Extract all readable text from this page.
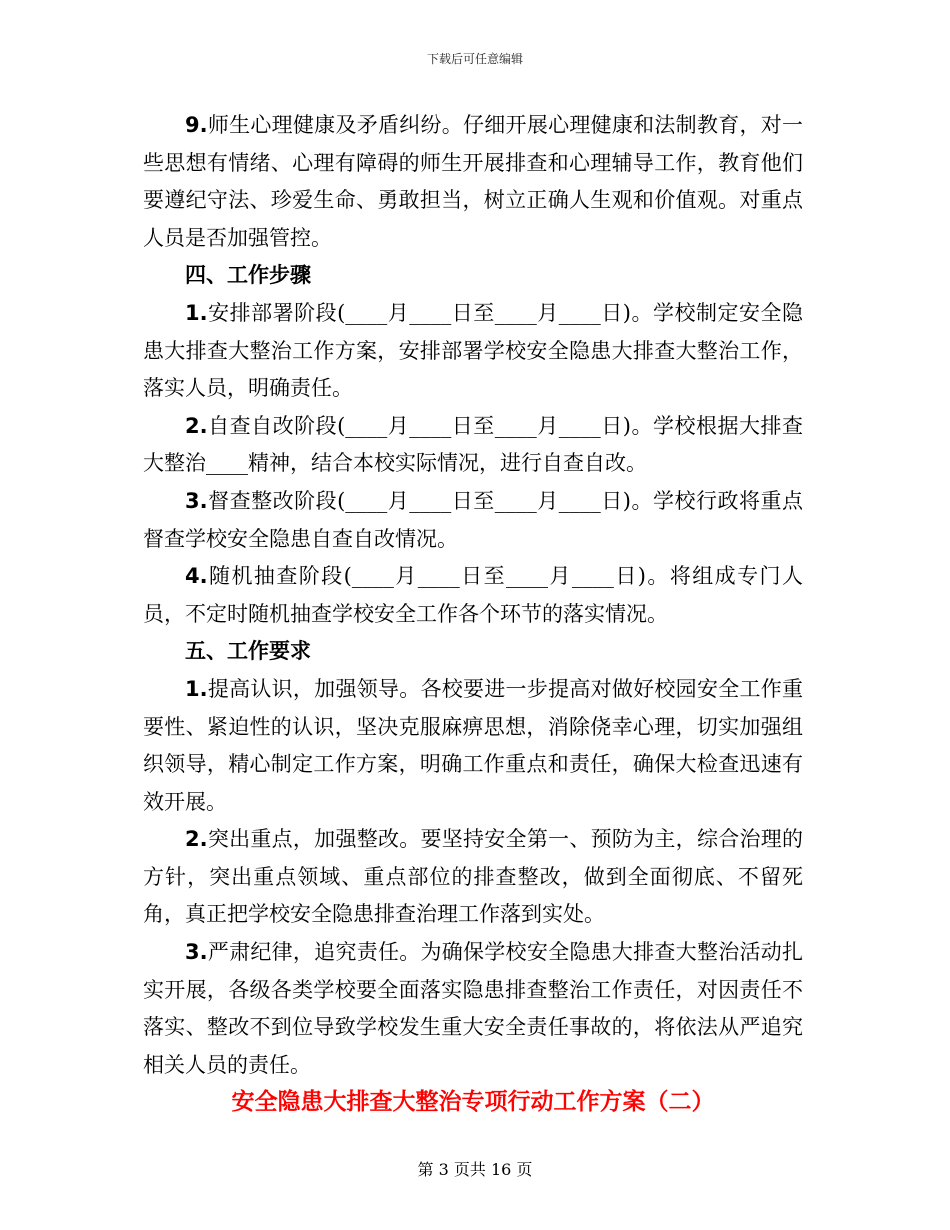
下载后可任意编辑

9.师生心理健康及矛盾纠纷。仔细开展心理健康和法制教育，对一些思想有情绪、心理有障碍的师生开展排查和心理辅导工作，教育他们要遵纪守法、珍爱生命、勇敢担当，树立正确人生观和价值观。对重点人员是否加强管控。

四、工作步骤

1.安排部署阶段(____月____日至____月____日)。学校制定安全隐患大排查大整治工作方案，安排部署学校安全隐患大排查大整治工作，落实人员，明确责任。

2.自查自改阶段(____月____日至____月____日)。学校根据大排查大整治____精神，结合本校实际情况，进行自查自改。

3.督查整改阶段(____月____日至____月____日)。学校行政将重点督查学校安全隐患自查自改情况。

4.随机抽查阶段(____月____日至____月____日)。将组成专门人员，不定时随机抽查学校安全工作各个环节的落实情况。

五、工作要求

1.提高认识，加强领导。各校要进一步提高对做好校园安全工作重要性、紧迫性的认识，坚决克服麻痹思想，消除侥幸心理，切实加强组织领导，精心制定工作方案，明确工作重点和责任，确保大检查迅速有效开展。

2.突出重点，加强整改。要坚持安全第一、预防为主，综合治理的方针，突出重点领域、重点部位的排查整改，做到全面彻底、不留死角，真正把学校安全隐患排查治理工作落到实处。

3.严肃纪律，追究责任。为确保学校安全隐患大排查大整治活动扎实开展，各级各类学校要全面落实隐患排查整治工作责任，对因责任不落实、整改不到位导致学校发生重大安全责任事故的，将依法从严追究相关人员的责任。

安全隐患大排查大整治专项行动工作方案（二）

第 3 页共 16 页
